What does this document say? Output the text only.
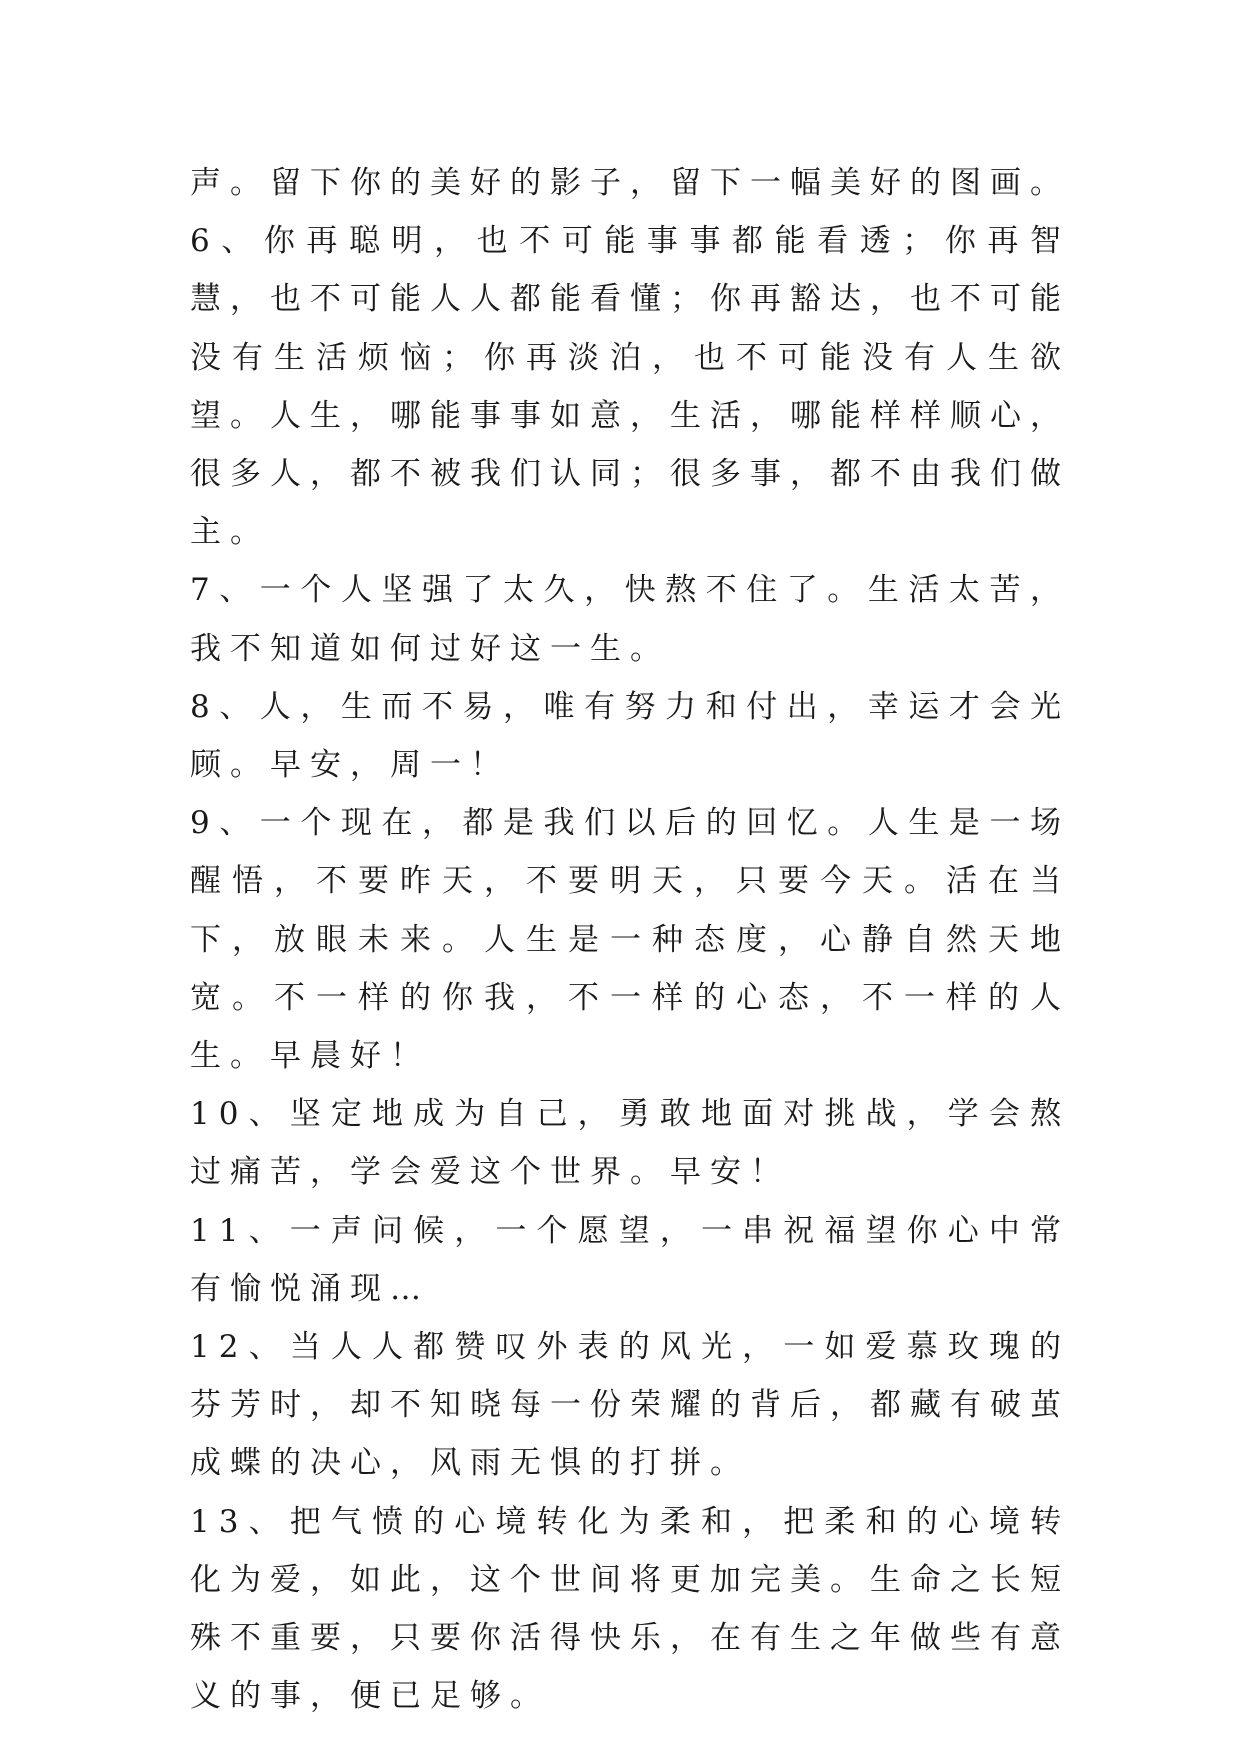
声。留下你的美好的影子，留下一幅美好的图画。

6、你再聪明，也不可能事事都能看透；你再智慧，也不可能人人都能看懂；你再豁达，也不可能没有生活烦恼；你再淡泊，也不可能没有人生欲望。人生，哪能事事如意，生活，哪能样样顺心，很多人，都不被我们认同；很多事，都不由我们做主。

7、一个人坚强了太久，快熬不住了。生活太苦，我不知道如何过好这一生。

8、人，生而不易，唯有努力和付出，幸运才会光顾。早安，周一！

9、一个现在，都是我们以后的回忆。人生是一场醒悟，不要昨天，不要明天，只要今天。活在当下，放眼未来。人生是一种态度，心静自然天地宽。不一样的你我，不一样的心态，不一样的人生。早晨好！

10、坚定地成为自己，勇敢地面对挑战，学会熬过痛苦，学会爱这个世界。早安！

11、一声问候，一个愿望，一串祝福望你心中常有愉悦涌现…

12、当人人都赞叹外表的风光，一如爱慕玫瑰的芬芳时，却不知晓每一份荣耀的背后，都藏有破茧成蝶的决心，风雨无惧的打拼。

13、把气愤的心境转化为柔和，把柔和的心境转化为爱，如此，这个世间将更加完美。生命之长短殊不重要，只要你活得快乐，在有生之年做些有意义的事，便已足够。
